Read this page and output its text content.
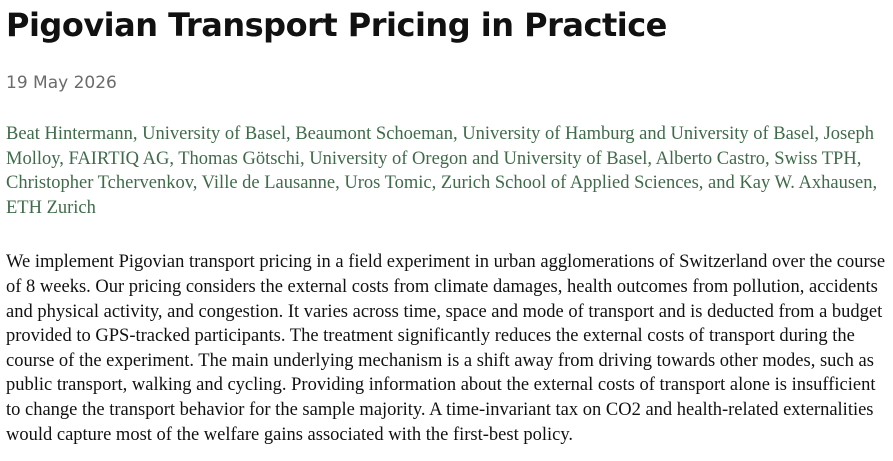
Pigovian Transport Pricing in Practice
19 May 2026
Beat Hintermann, University of Basel, Beaumont Schoeman, University of Hamburg and University of Basel, Joseph Molloy, FAIRTIQ AG, Thomas Götschi, University of Oregon and University of Basel, Alberto Castro, Swiss TPH, Christopher Tchervenkov, Ville de Lausanne, Uros Tomic, Zurich School of Applied Sciences, and Kay W. Axhausen, ETH Zurich
We implement Pigovian transport pricing in a field experiment in urban agglomerations of Switzerland over the course of 8 weeks. Our pricing considers the external costs from climate damages, health outcomes from pollution, accidents and physical activity, and congestion. It varies across time, space and mode of transport and is deducted from a budget provided to GPS-tracked participants. The treatment significantly reduces the external costs of transport during the course of the experiment. The main underlying mechanism is a shift away from driving towards other modes, such as public transport, walking and cycling. Providing information about the external costs of transport alone is insufficient to change the transport behavior for the sample majority. A time-invariant tax on CO2 and health-related externalities would capture most of the welfare gains associated with the first-best policy.
